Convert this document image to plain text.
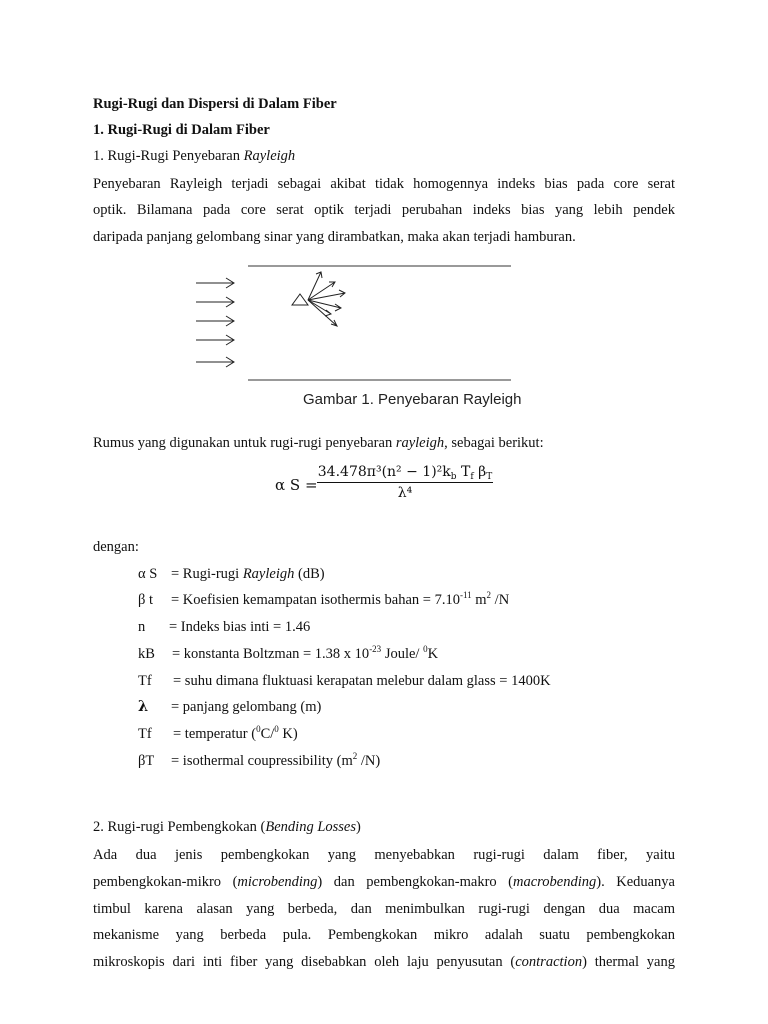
Rugi-Rugi dan Dispersi di Dalam Fiber
1. Rugi-Rugi di Dalam Fiber
1. Rugi-Rugi Penyebaran Rayleigh
Penyebaran Rayleigh terjadi sebagai akibat tidak homogennya indeks bias pada core serat
optik. Bilamana pada core serat optik terjadi perubahan indeks bias yang lebih pendek
daripada panjang gelombang sinar yang dirambatkan, maka akan terjadi hamburan.
Gambar 1. Penyebaran Rayleigh
Rumus yang digunakan untuk rugi-rugi penyebaran rayleigh, sebagai berikut:
α $S = \frac{34.478\pi^3(n^2 - 1)^2k_b T_f \beta_T}{\text{λ⁴}}$
dengan:
α S = Rugi-rugi Rayleigh (dB)
β t = Koefisien kemampatan isothermis bahan = $7.10^{-11}$ $m^2$ /N
n = Indeks bias inti = 1.46
kB = konstanta Boltzman = 1.38 x $10^{-23}$ Joule/ $^0$K
Tf = suhu dimana fluktuasi kerapatan melebur dalam glass = 1400K
λ = panjang gelombang (m)
Tf = temperatur ($^0$C/$^0$ K)
βT = isothermal coupressibility ($m^2$ /N)
2. Rugi-rugi Pembengkokan (Bending Losses)
Ada dua jenis pembengkokan yang menyebabkan rugi-rugi dalam fiber, yaitu
pembengkokan-mikro (microbending) dan pembengkokan-makro (macrobending). Keduanya
timbul karena alasan yang berbeda, dan menimbulkan rugi-rugi dengan dua macam
mekanisme yang berbeda pula. Pembengkokan mikro adalah suatu pembengkokan
mikroskopis dari inti fiber yang disebabkan oleh laju penyusutan (contraction) thermal yang
